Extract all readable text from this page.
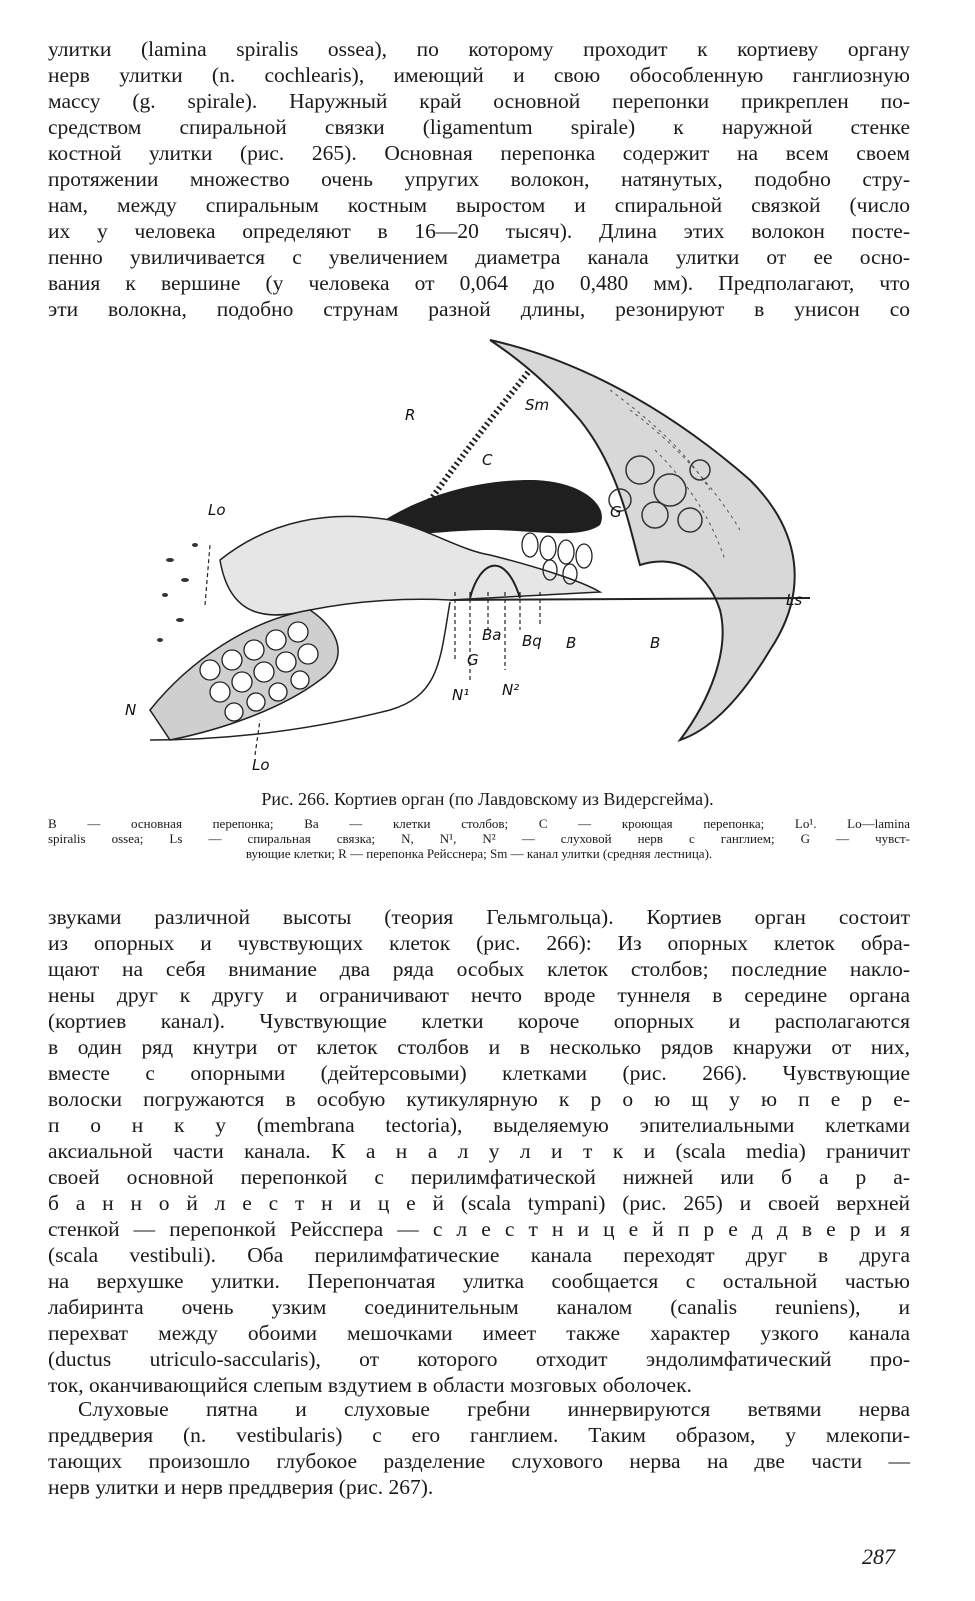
улитки (lamina spiralis ossea), по которому проходит к кортиеву органу
нерв улитки (n. cochlearis), имеющий и свою обособленную ганглиозную
массу (g. spirale). Наружный край основной перепонки прикреплен по-
средством спиральной связки (ligamentum spirale) к наружной стенке
костной улитки (рис. 265). Основная перепонка содержит на всем своем
протяжении множество очень упругих волокон, натянутых, подобно стру-
нам, между спиральным костным выростом и спиральной связкой (число
их у человека определяют в 16—20 тысяч). Длина этих волокон посте-
пенно увиличивается с увеличением диаметра канала улитки от ее осно-
вания к вершине (у человека от 0,064 до 0,480 мм). Предполагают, что
эти волокна, подобно струнам разной длины, резонируют в унисон со
R
Sm
C
Lo	G
Ls
Ba Bq B	B
G
N¹ N²
N
Lo

Рис. 266. Кортиев орган (по Лавдовскому из Видерсгейма).

B — основная перепонка; Ba — клетки столбов; C — кроющая перепонка; Lo¹. Lo—lamina
spiralis ossea; Ls — спиральная связка; N, N¹, N² — слуховой нерв с ганглием; G — чувст-
вующие клетки; R — перепонка Рейсснера; Sm — канал улитки (средняя лестница).
звуками различной высоты (теория Гельмгольца). Кортиев орган состоит
из опорных и чувствующих клеток (рис. 266): Из опорных клеток обра-
щают на себя внимание два ряда особых клеток столбов; последние накло-
нены друг к другу и ограничивают нечто вроде туннеля в середине органа
(кортиев канал). Чувствующие клетки короче опорных и располагаются
в один ряд кнутри от клеток столбов и в несколько рядов кнаружи от них,
вместе с опорными (дейтерсовыми) клетками (рис. 266). Чувствующие
волоски погружаются в особую кутикулярную к р о ю щ у ю п е р е-
п о н к у (membrana tectoria), выделяемую эпителиальными клетками
аксиальной части канала. К а н а л у л и т к и (scala media) граничит
своей основной перепонкой с перилимфатической нижней или б а р а-
б а н н о й л е с т н и ц е й (scala tympani) (рис. 265) и своей верхней
стенкой — перепонкой Рейсспера — с л е с т н и ц е й п р е д д в е р и я
(scala vestibuli). Оба перилимфатические канала переходят друг в друга
на верхушке улитки. Перепончатая улитка сообщается с остальной частью
лабиринта очень узким соединительным каналом (canalis reuniens), и
перехват между обоими мешочками имеет также характер узкого канала
(ductus utriculo-saccularis), от которого отходит эндолимфатический про-
ток, оканчивающийся слепым вздутием в области мозговых оболочек.
Слуховые пятна и слуховые гребни иннервируются ветвями нерва
преддверия (n. vestibularis) с его ганглием. Таким образом, у млекопи-
тающих произошло глубокое разделение слухового нерва на две части —
нерв улитки и нерв преддверия (рис. 267).

287
